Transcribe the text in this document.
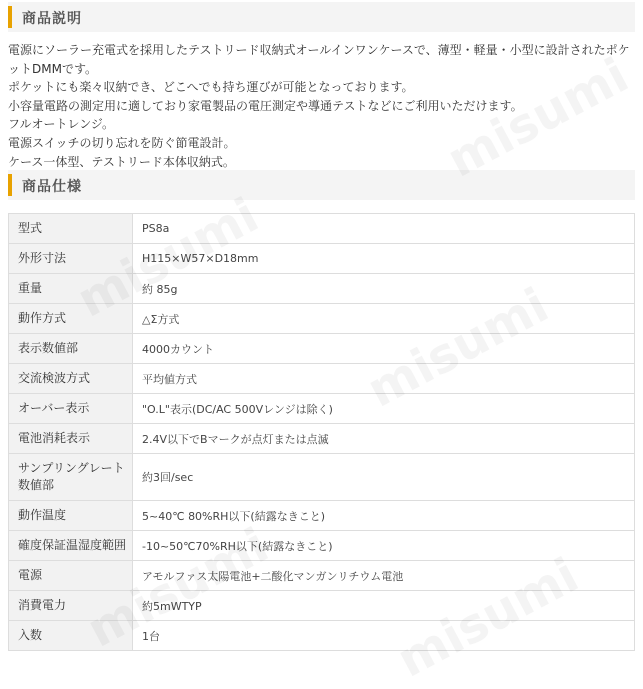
商品説明

電源にソーラー充電式を採用したテストリード収納式オールインワンケースで、薄型・軽量・小型に設計されたポケ

ットDMMです。

ポケットにも楽々収納でき、どこへでも持ち運びが可能となっております。

小容量電路の測定用に適しており家電製品の電圧測定や導通テストなどにご利用いただけます。

フルオートレンジ。

電源スイッチの切り忘れを防ぐ節電設計。

ケース一体型、テストリード本体収納式。

商品仕様
型式	PS8a
外形寸法	H115×W57×D18mm
重量	約 85g
動作方式	△Σ方式
表示数値部	4000カウント
交流検波方式	平均値方式
オーバー表示	"O.L"表示(DC/AC 500Vレンジは除く)
電池消耗表示	2.4V以下でBマークが点灯または点滅
サンプリングレート数値部	約3回/sec
動作温度	5~40℃ 80%RH以下(結露なきこと)
確度保証温湿度範囲	-10~50℃70%RH以下(結露なきこと)
電源	アモルファス太陽電池+二酸化マンガンリチウム電池
消費電力	約5mWTYP
入数	1台
